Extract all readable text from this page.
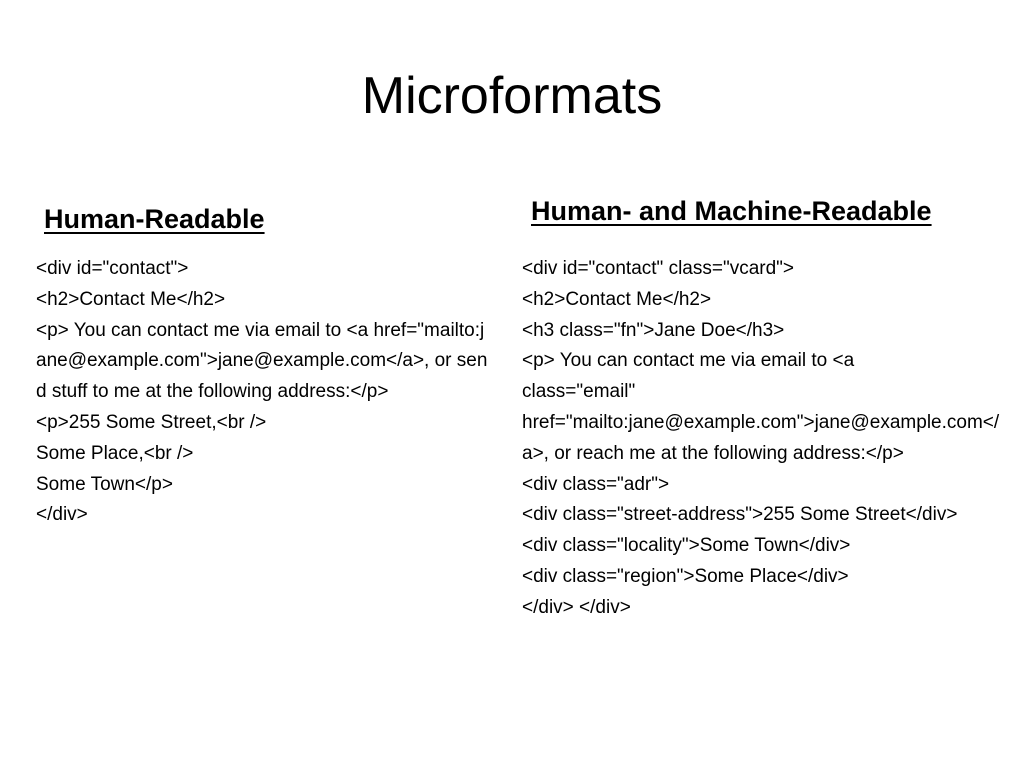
Microformats
Human-Readable	Human- and Machine-Readable
<div id="contact">
<h2>Contact Me</h2>
<p> You can contact me via email to <a href="mailto:jane@example.com">jane@example.com</a>, or send stuff to me at the following address:</p>
<p>255 Some Street,<br />
Some Place,<br />
Some Town</p>
</div>
<div id="contact" class="vcard">
<h2>Contact Me</h2>
<h3 class="fn">Jane Doe</h3>
<p> You can contact me via email to <a
class="email"
href="mailto:jane@example.com">jane@example.com</a>, or reach me at the following address:</p>
<div class="adr">
<div class="street-address">255 Some Street</div>
<div class="locality">Some Town</div>
<div class="region">Some Place</div>
</div> </div>
